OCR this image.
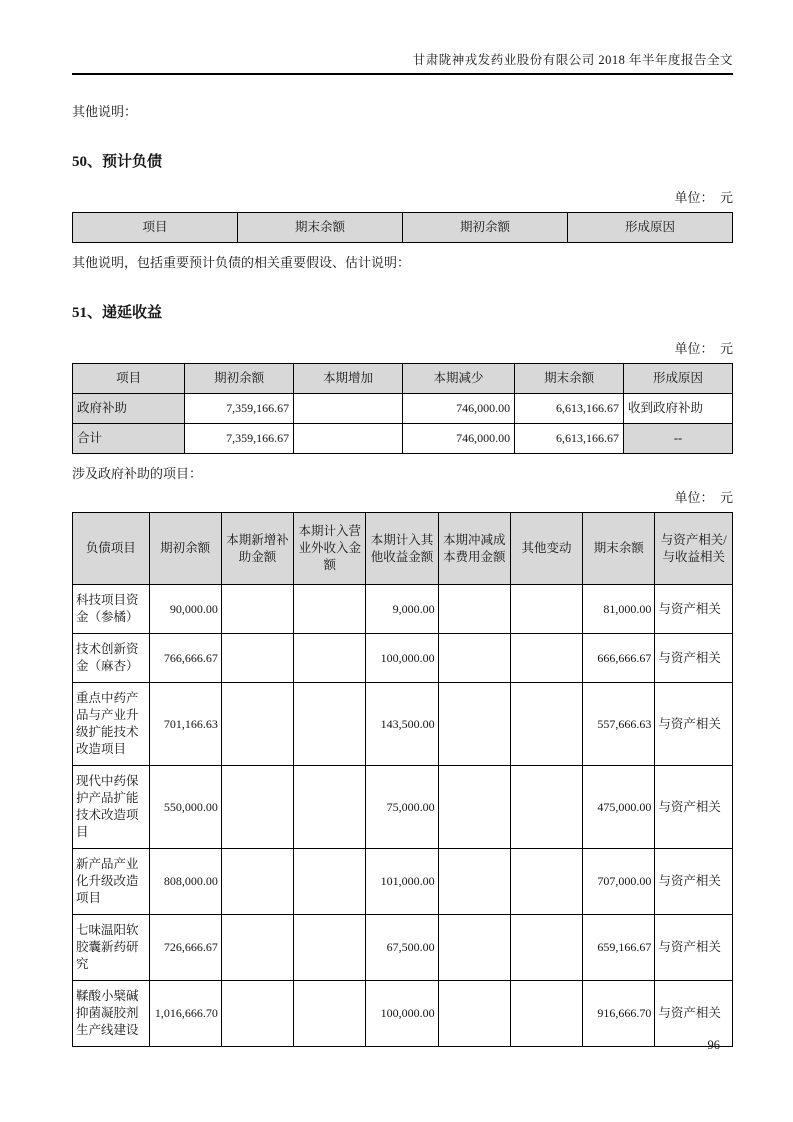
甘肃陇神戎发药业股份有限公司 2018 年半年度报告全文
其他说明：
50、预计负债
单位：　元
项目	期末余额	期初余额	形成原因
其他说明，包括重要预计负债的相关重要假设、估计说明：
51、递延收益
单位：　元
项目	期初余额	本期增加	本期减少	期末余额	形成原因
政府补助	7,359,166.67		746,000.00	6,613,166.67	收到政府补助
合计	7,359,166.67		746,000.00	6,613,166.67	--
涉及政府补助的项目：
单位：　元
负债项目	期初余额	本期新增补助金额	本期计入营业外收入金额	本期计入其他收益金额	本期冲减成本费用金额	其他变动	期末余额	与资产相关/与收益相关
科技项目资金（参橘）	90,000.00			9,000.00			81,000.00	与资产相关
技术创新资金（麻杏）	766,666.67			100,000.00			666,666.67	与资产相关
重点中药产品与产业升级扩能技术改造项目	701,166.63			143,500.00			557,666.63	与资产相关
现代中药保护产品扩能技术改造项目	550,000.00			75,000.00			475,000.00	与资产相关
新产品产业化升级改造项目	808,000.00			101,000.00			707,000.00	与资产相关
七味温阳软胶囊新药研究	726,666.67			67,500.00			659,166.67	与资产相关
鞣酸小檗碱抑菌凝胶剂生产线建设	1,016,666.70			100,000.00			916,666.70	与资产相关
96
